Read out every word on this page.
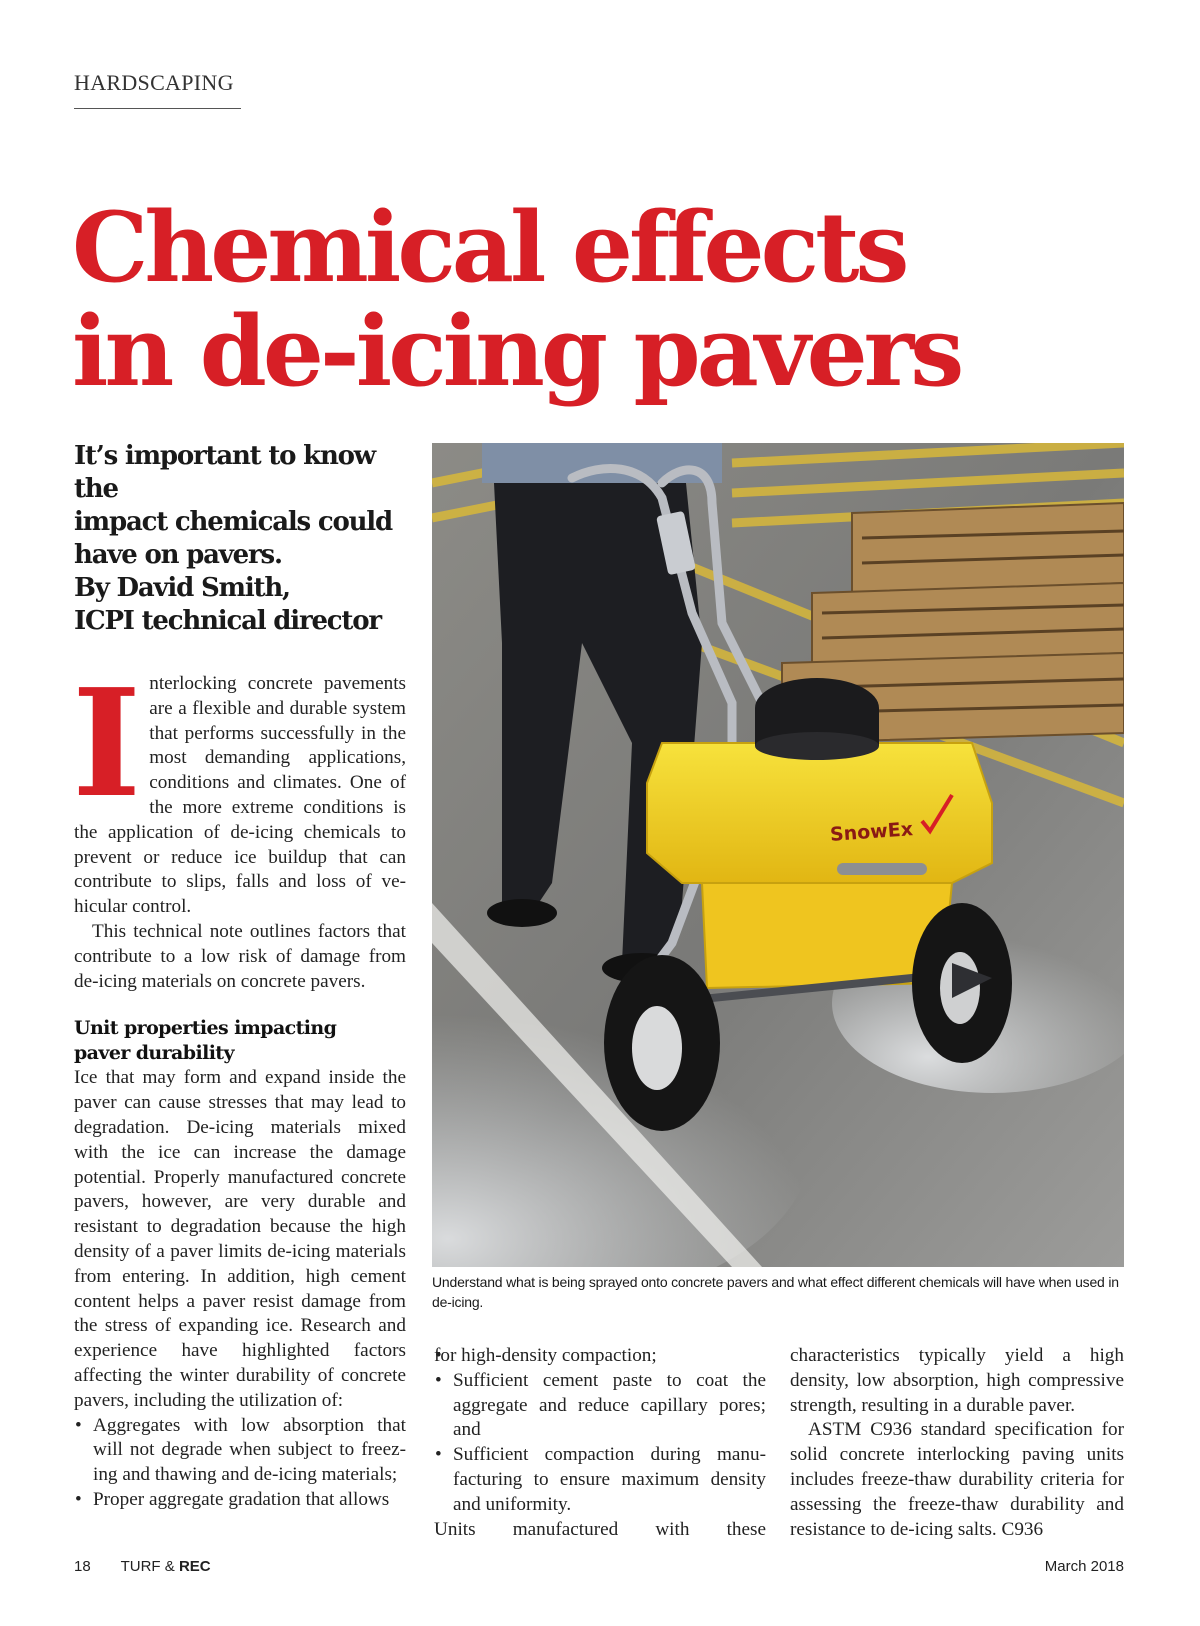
HARDSCAPING
Chemical effects
in de-icing pavers
It’s important to know the
impact chemicals could
have on pavers.
By David Smith,
ICPI technical director

Interlocking concrete pavements are a flexible and durable system that performs successfully in the most demanding applications, conditions and climates. One of the more extreme conditions is the application of de-icing chemicals to prevent or reduce ice buildup that can contribute to slips, falls and loss of vehicular control.

This technical note outlines factors that contribute to a low risk of damage from de-icing materials on concrete pavers.

Unit properties impacting
paver durability

Ice that may form and expand inside the paver can cause stresses that may lead to degradation. De-icing materials mixed with the ice can increase the damage potential. Properly manufactured concrete pavers, however, are very durable and resistant to degradation because the high density of a paver limits de-icing materials from entering. In addition, high cement content helps a paver resist damage from the stress of expanding ice. Research and experience have highlighted factors affecting the winter durability of concrete pavers, including the utilization of:

• Aggregates with low absorption that will not degrade when subject to freezing and thawing and de-icing materials;
• Proper aggregate gradation that allows
SnowEx
Understand what is being sprayed onto concrete pavers and what effect different chemicals will have when used in de-icing.
• for high-density compaction;
• Sufficient cement paste to coat the aggregate and reduce capillary pores; and
• Sufficient compaction during manufacturing to ensure maximum density and uniformity.

Units manufactured with these

characteristics typically yield a high density, low absorption, high compressive strength, resulting in a durable paver.

ASTM C936 standard specification for solid concrete interlocking paving units includes freeze-thaw durability criteria for assessing the freeze-thaw durability and resistance to de-icing salts. C936

18 TURF & REC	March 2018
